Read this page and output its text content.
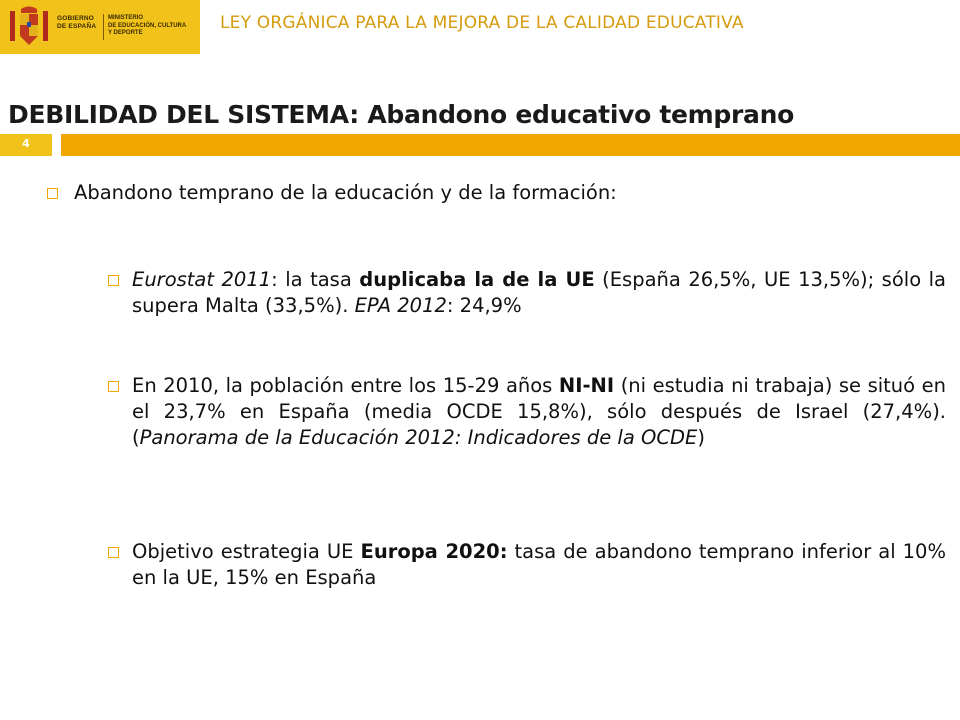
GOBIERNO
DE ESPAÑA
MINISTERIO
DE EDUCACIÓN, CULTURA
Y DEPORTE	LEY ORGÁNICA PARA LA MEJORA DE LA CALIDAD EDUCATIVA
DEBILIDAD DEL SISTEMA: Abandono educativo temprano
4
Abandono temprano de la educación y de la formación:
Eurostat 2011: la tasa duplicaba la de la UE (España 26,5%, UE 13,5%); sólo la supera Malta (33,5%). EPA 2012: 24,9%
En 2010, la población entre los 15-29 años NI-NI (ni estudia ni trabaja) se situó en el 23,7% en España (media OCDE 15,8%), sólo después de Israel (27,4%). (Panorama de la Educación 2012: Indicadores de la OCDE)
Objetivo estrategia UE Europa 2020: tasa de abandono temprano inferior al 10% en la UE, 15% en España
